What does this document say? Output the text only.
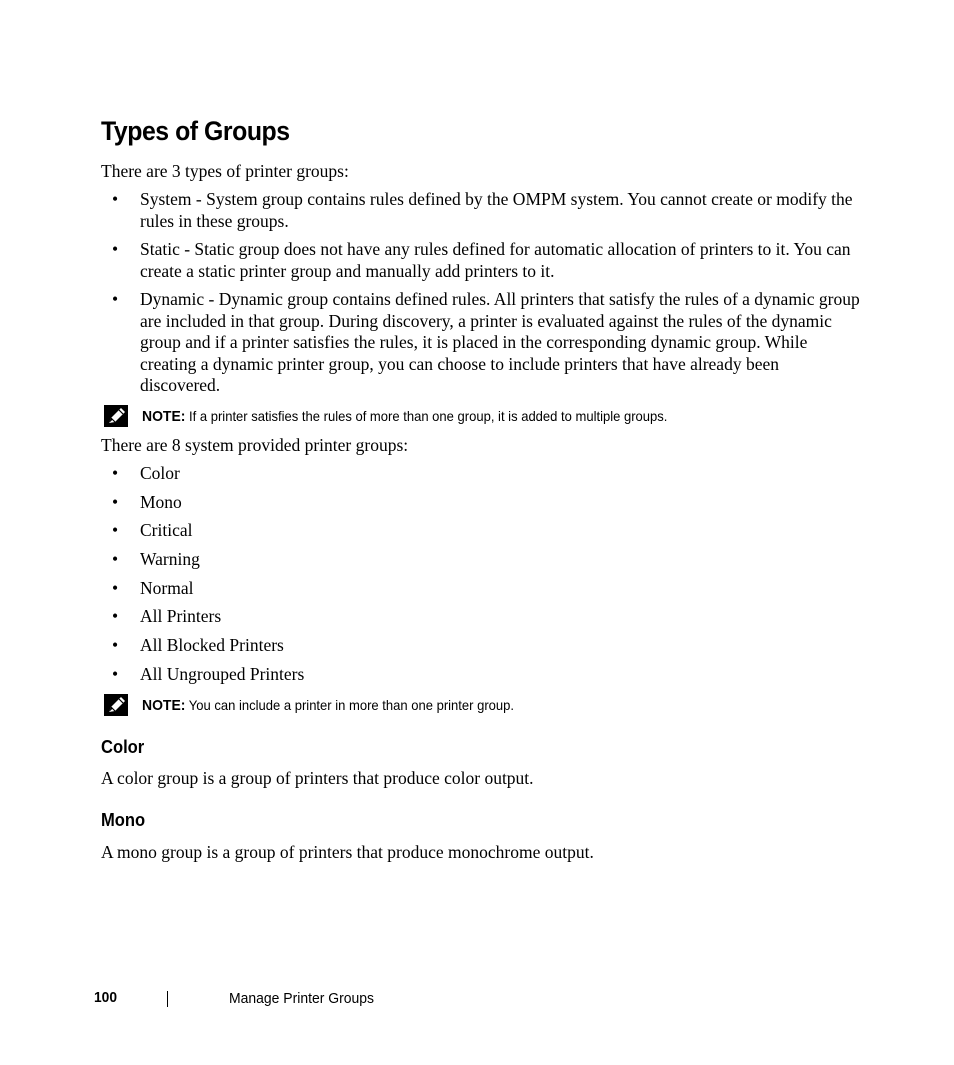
Types of Groups

There are 3 types of printer groups:

• System - System group contains rules defined by the OMPM system. You cannot create or modify the rules in these groups.
• Static - Static group does not have any rules defined for automatic allocation of printers to it. You can create a static printer group and manually add printers to it.
• Dynamic - Dynamic group contains defined rules. All printers that satisfy the rules of a dynamic group are included in that group. During discovery, a printer is evaluated against the rules of the dynamic group and if a printer satisfies the rules, it is placed in the corresponding dynamic group. While creating a dynamic printer group, you can choose to include printers that have already been discovered.
NOTE: If a printer satisfies the rules of more than one group, it is added to multiple groups.

There are 8 system provided printer groups:

• Color
• Mono
• Critical
• Warning
• Normal
• All Printers
• All Blocked Printers
• All Ungrouped Printers
NOTE: You can include a printer in more than one printer group.
Color

A color group is a group of printers that produce color output.

Mono

A mono group is a group of printers that produce monochrome output.

100	Manage Printer Groups
